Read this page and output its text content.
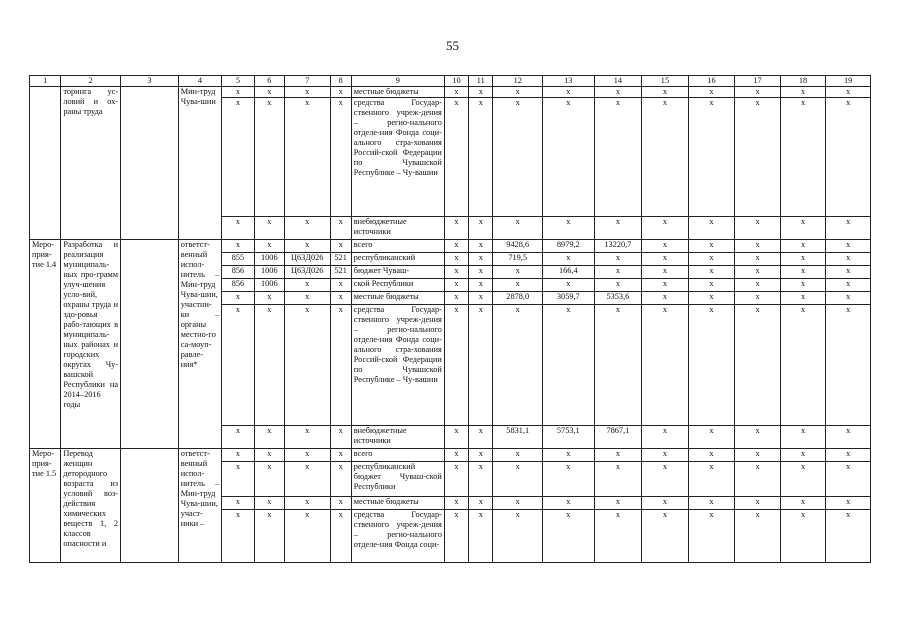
55
1	2	3	4	5	6	7	8	9	10	11	12	13	14	15	16	17	18	19
	торинга ус-ловий и ох-раны труда		Мин-труд Чува-шии	x	x	x	x	местные бюджеты	x	x	x	x	x	x	x	x	x	x
				x	x	x	x	средства Государ-ственного учреж-дения – регио-нального отделе-ния Фонда соци-ального стра-хования Россий-ской Федерации по Чувашской Республике – Чу-вашии	x	x	x	x	x	x	x	x	x	x
				x	x	x	x	внебюджетные источники	x	x	x	x	x	x	x	x	x	x
Меро-прия-тие 1.4	Разработка и реализация муниципаль-ных про-грамм улуч-шения усло-вий, охраны труда и здо-ровья рабо-тающих в муниципаль-ных районах и городских округах Чу-вашской Республики на 2014–2016 годы		ответст-венный испол-нитель – Мин-труд Чува-шии, участни-ки – органы местно-го са-моуп-равле-ния*	x	x	x	x	всего	x	x	9428,6	8979,2	13220,7	x	x	x	x	x
				855	1006	Ц63Д026	521	республиканский	x	x	719,5	x	x	x	x	x	x	x
				856	1006	Ц63Д026	521	бюджет Чуваш-	x	x	x	166,4	x	x	x	x	x	x
				856	1006	x	x	ской Республики	x	x	x	x	x	x	x	x	x	x
				x	x	x	x	местные бюджеты	x	x	2878,0	3059,7	5353,6	x	x	x	x	x
				x	x	x	x	средства Государ-ственного учреж-дения – регио-нального отделе-ния Фонда соци-ального стра-хования Россий-ской Федерации по Чувашской Республике – Чу-вашии	x	x	x	x	x	x	x	x	x	x
				x	x	x	x	внебюджетные источники	x	x	5831,1	5753,1	7867,1	x	x	x	x	x
Меро-прия-тие 1.5	Перевод женщин детородного возраста из условий воз-действия химических веществ 1, 2 классов опасности и		ответст-венный испол-нитель – Мин-труд Чува-шии, участ-ники –	x	x	x	x	всего	x	x	x	x	x	x	x	x	x	x
				x	x	x	x	республиканский бюджет Чуваш-ской Республики	x	x	x	x	x	x	x	x	x	x
				x	x	x	x	местные бюджеты	x	x	x	x	x	x	x	x	x	x
				x	x	x	x	средства Государ-ственного учреж-дения – регио-нального отделе-ния Фонда соци-	x	x	x	x	x	x	x	x	x	x
